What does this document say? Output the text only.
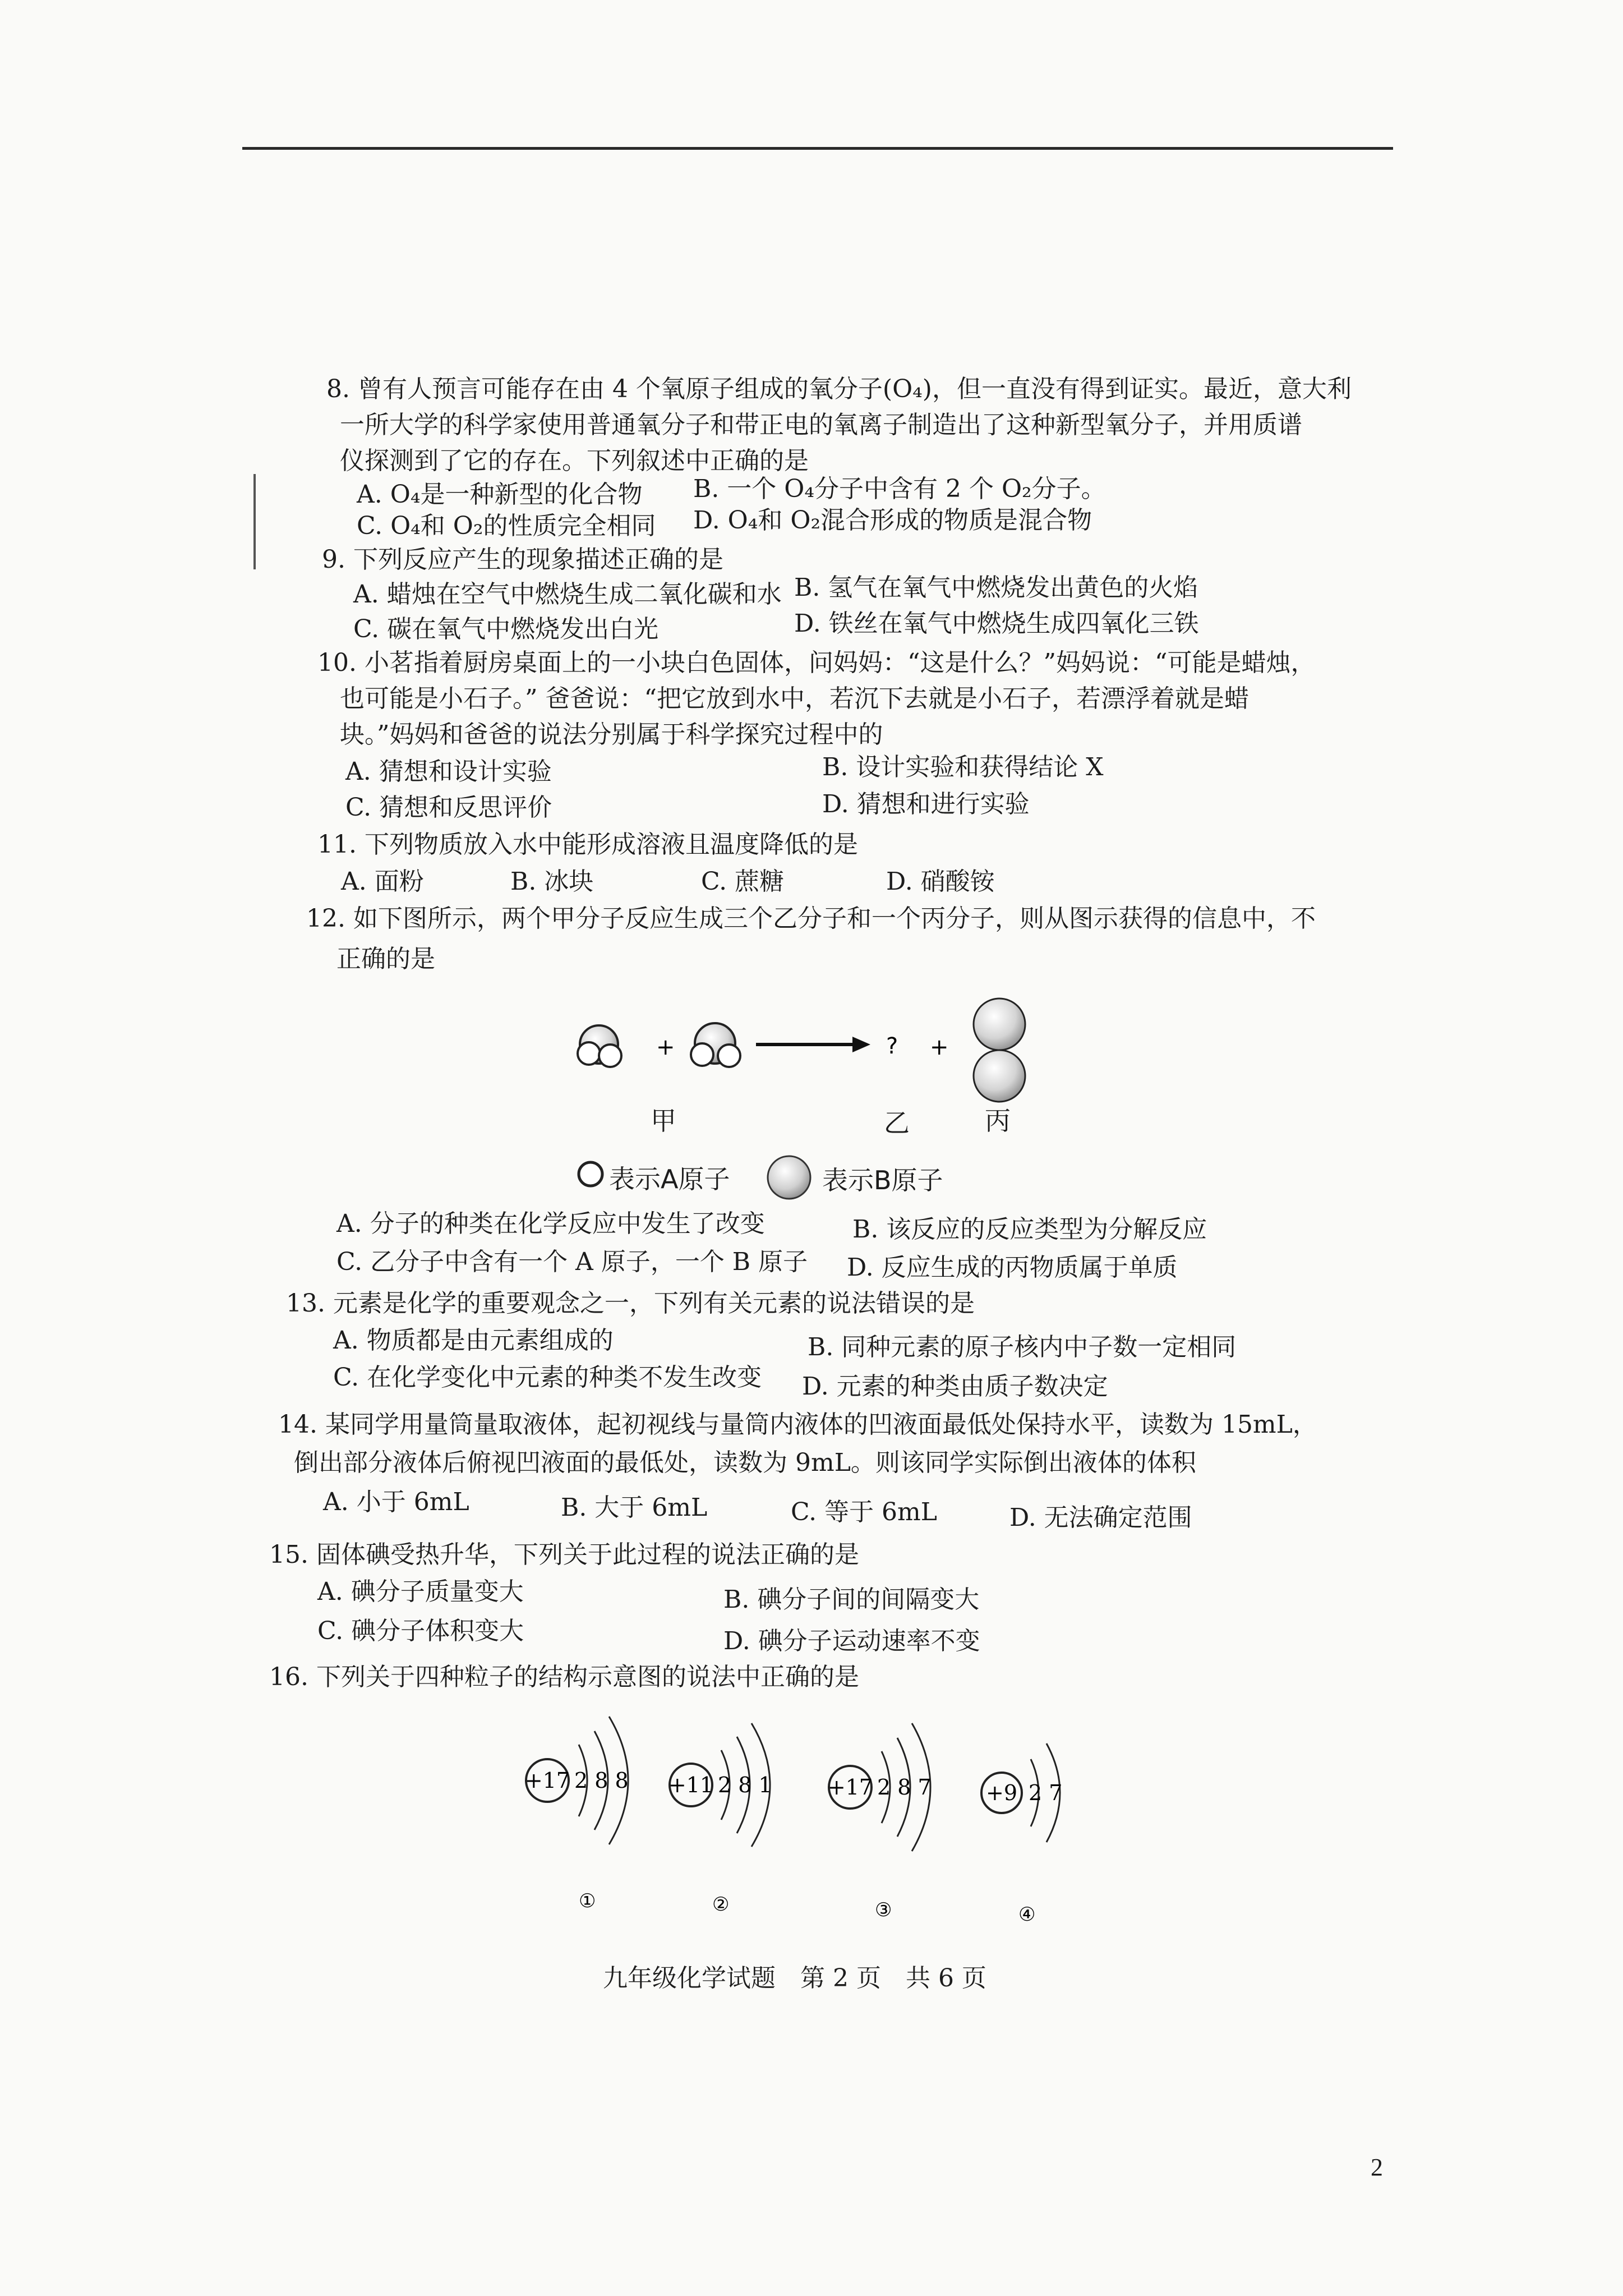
8. 曾有人预言可能存在由 4 个氧原子组成的氧分子(O₄)，但一直没有得到证实。最近，意大利
一所大学的科学家使用普通氧分子和带正电的氧离子制造出了这种新型氧分子，并用质谱
仪探测到了它的存在。下列叙述中正确的是
A. O₄是一种新型的化合物 B. 一个 O₄分子中含有 2 个 O₂分子。
C. O₄和 O₂的性质完全相同 D. O₄和 O₂混合形成的物质是混合物
9. 下列反应产生的现象描述正确的是
A. 蜡烛在空气中燃烧生成二氧化碳和水 B. 氢气在氧气中燃烧发出黄色的火焰
C. 碳在氧气中燃烧发出白光	D. 铁丝在氧气中燃烧生成四氧化三铁
10. 小茗指着厨房桌面上的一小块白色固体，问妈妈：“这是什么？”妈妈说：“可能是蜡烛，
也可能是小石子。” 爸爸说：“把它放到水中，若沉下去就是小石子，若漂浮着就是蜡
块。”妈妈和爸爸的说法分别属于科学探究过程中的
A. 猜想和设计实验	B. 设计实验和获得结论 X
C. 猜想和反思评价	D. 猜想和进行实验
11. 下列物质放入水中能形成溶液且温度降低的是
A. 面粉	B. 冰块	C. 蔗糖	D. 硝酸铵
12. 如下图所示，两个甲分子反应生成三个乙分子和一个丙分子，则从图示获得的信息中，不
正确的是
+	? +
甲	乙	丙
表示A原子	表示B原子
A. 分子的种类在化学反应中发生了改变	B. 该反应的反应类型为分解反应
C. 乙分子中含有一个 A 原子，一个 B 原子 D. 反应生成的丙物质属于单质
13. 元素是化学的重要观念之一，下列有关元素的说法错误的是
A. 物质都是由元素组成的	B. 同种元素的原子核内中子数一定相同
C. 在化学变化中元素的种类不发生改变 D. 元素的种类由质子数决定
14. 某同学用量筒量取液体，起初视线与量筒内液体的凹液面最低处保持水平，读数为 15mL，
倒出部分液体后俯视凹液面的最低处，读数为 9mL。则该同学实际倒出液体的体积
A. 小于 6mL	B. 大于 6mL	C. 等于 6mL	D. 无法确定范围
15. 固体碘受热升华，下列关于此过程的说法正确的是
A. 碘分子质量变大	B. 碘分子间的间隔变大
C. 碘分子体积变大	D. 碘分子运动速率不变
16. 下列关于四种粒子的结构示意图的说法中正确的是
+17 2 8 8 +11 2 8 1	+17 2 8 7	+9 2 7
①	②	③	④
九年级化学试题　第 2 页　共 6 页
2
